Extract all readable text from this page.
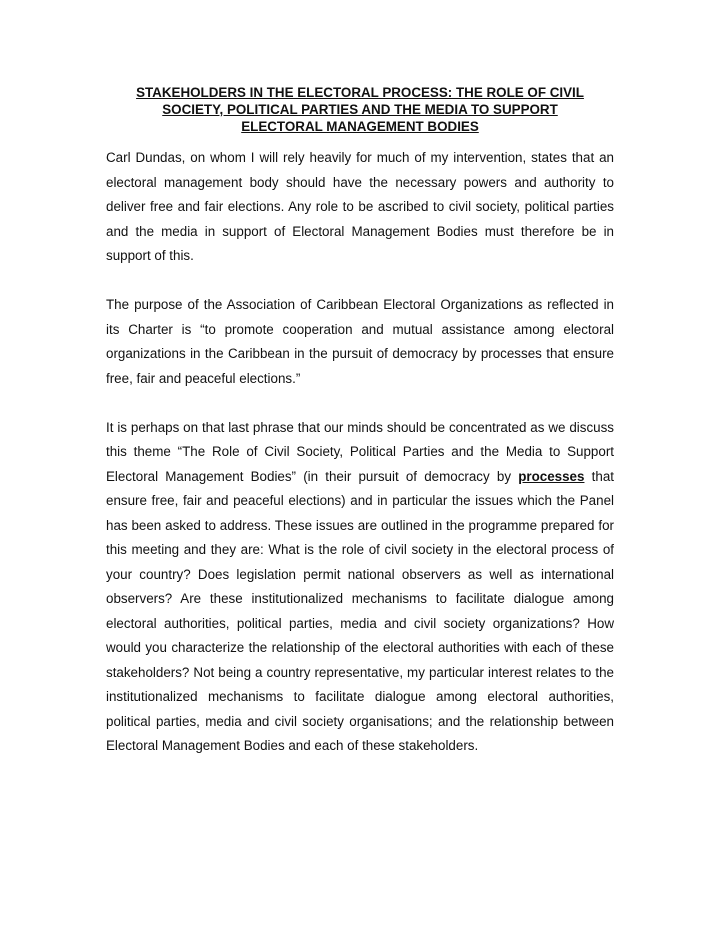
STAKEHOLDERS IN THE ELECTORAL PROCESS: THE ROLE OF CIVIL
SOCIETY, POLITICAL PARTIES AND THE MEDIA TO SUPPORT
ELECTORAL MANAGEMENT BODIES

Carl Dundas, on whom I will rely heavily for much of my intervention, states that an electoral management body should have the necessary powers and authority to deliver free and fair elections. Any role to be ascribed to civil society, political parties and the media in support of Electoral Management Bodies must therefore be in support of this.

The purpose of the Association of Caribbean Electoral Organizations as reflected in its Charter is “to promote cooperation and mutual assistance among electoral organizations in the Caribbean in the pursuit of democracy by processes that ensure free, fair and peaceful elections.”

It is perhaps on that last phrase that our minds should be concentrated as we discuss this theme “The Role of Civil Society, Political Parties and the Media to Support Electoral Management Bodies” (in their pursuit of democracy by processes that ensure free, fair and peaceful elections) and in particular the issues which the Panel has been asked to address. These issues are outlined in the programme prepared for this meeting and they are: What is the role of civil society in the electoral process of your country? Does legislation permit national observers as well as international observers? Are these institutionalized mechanisms to facilitate dialogue among electoral authorities, political parties, media and civil society organizations? How would you characterize the relationship of the electoral authorities with each of these stakeholders? Not being a country representative, my particular interest relates to the institutionalized mechanisms to facilitate dialogue among electoral authorities, political parties, media and civil society organisations; and the relationship between Electoral Management Bodies and each of these stakeholders.
